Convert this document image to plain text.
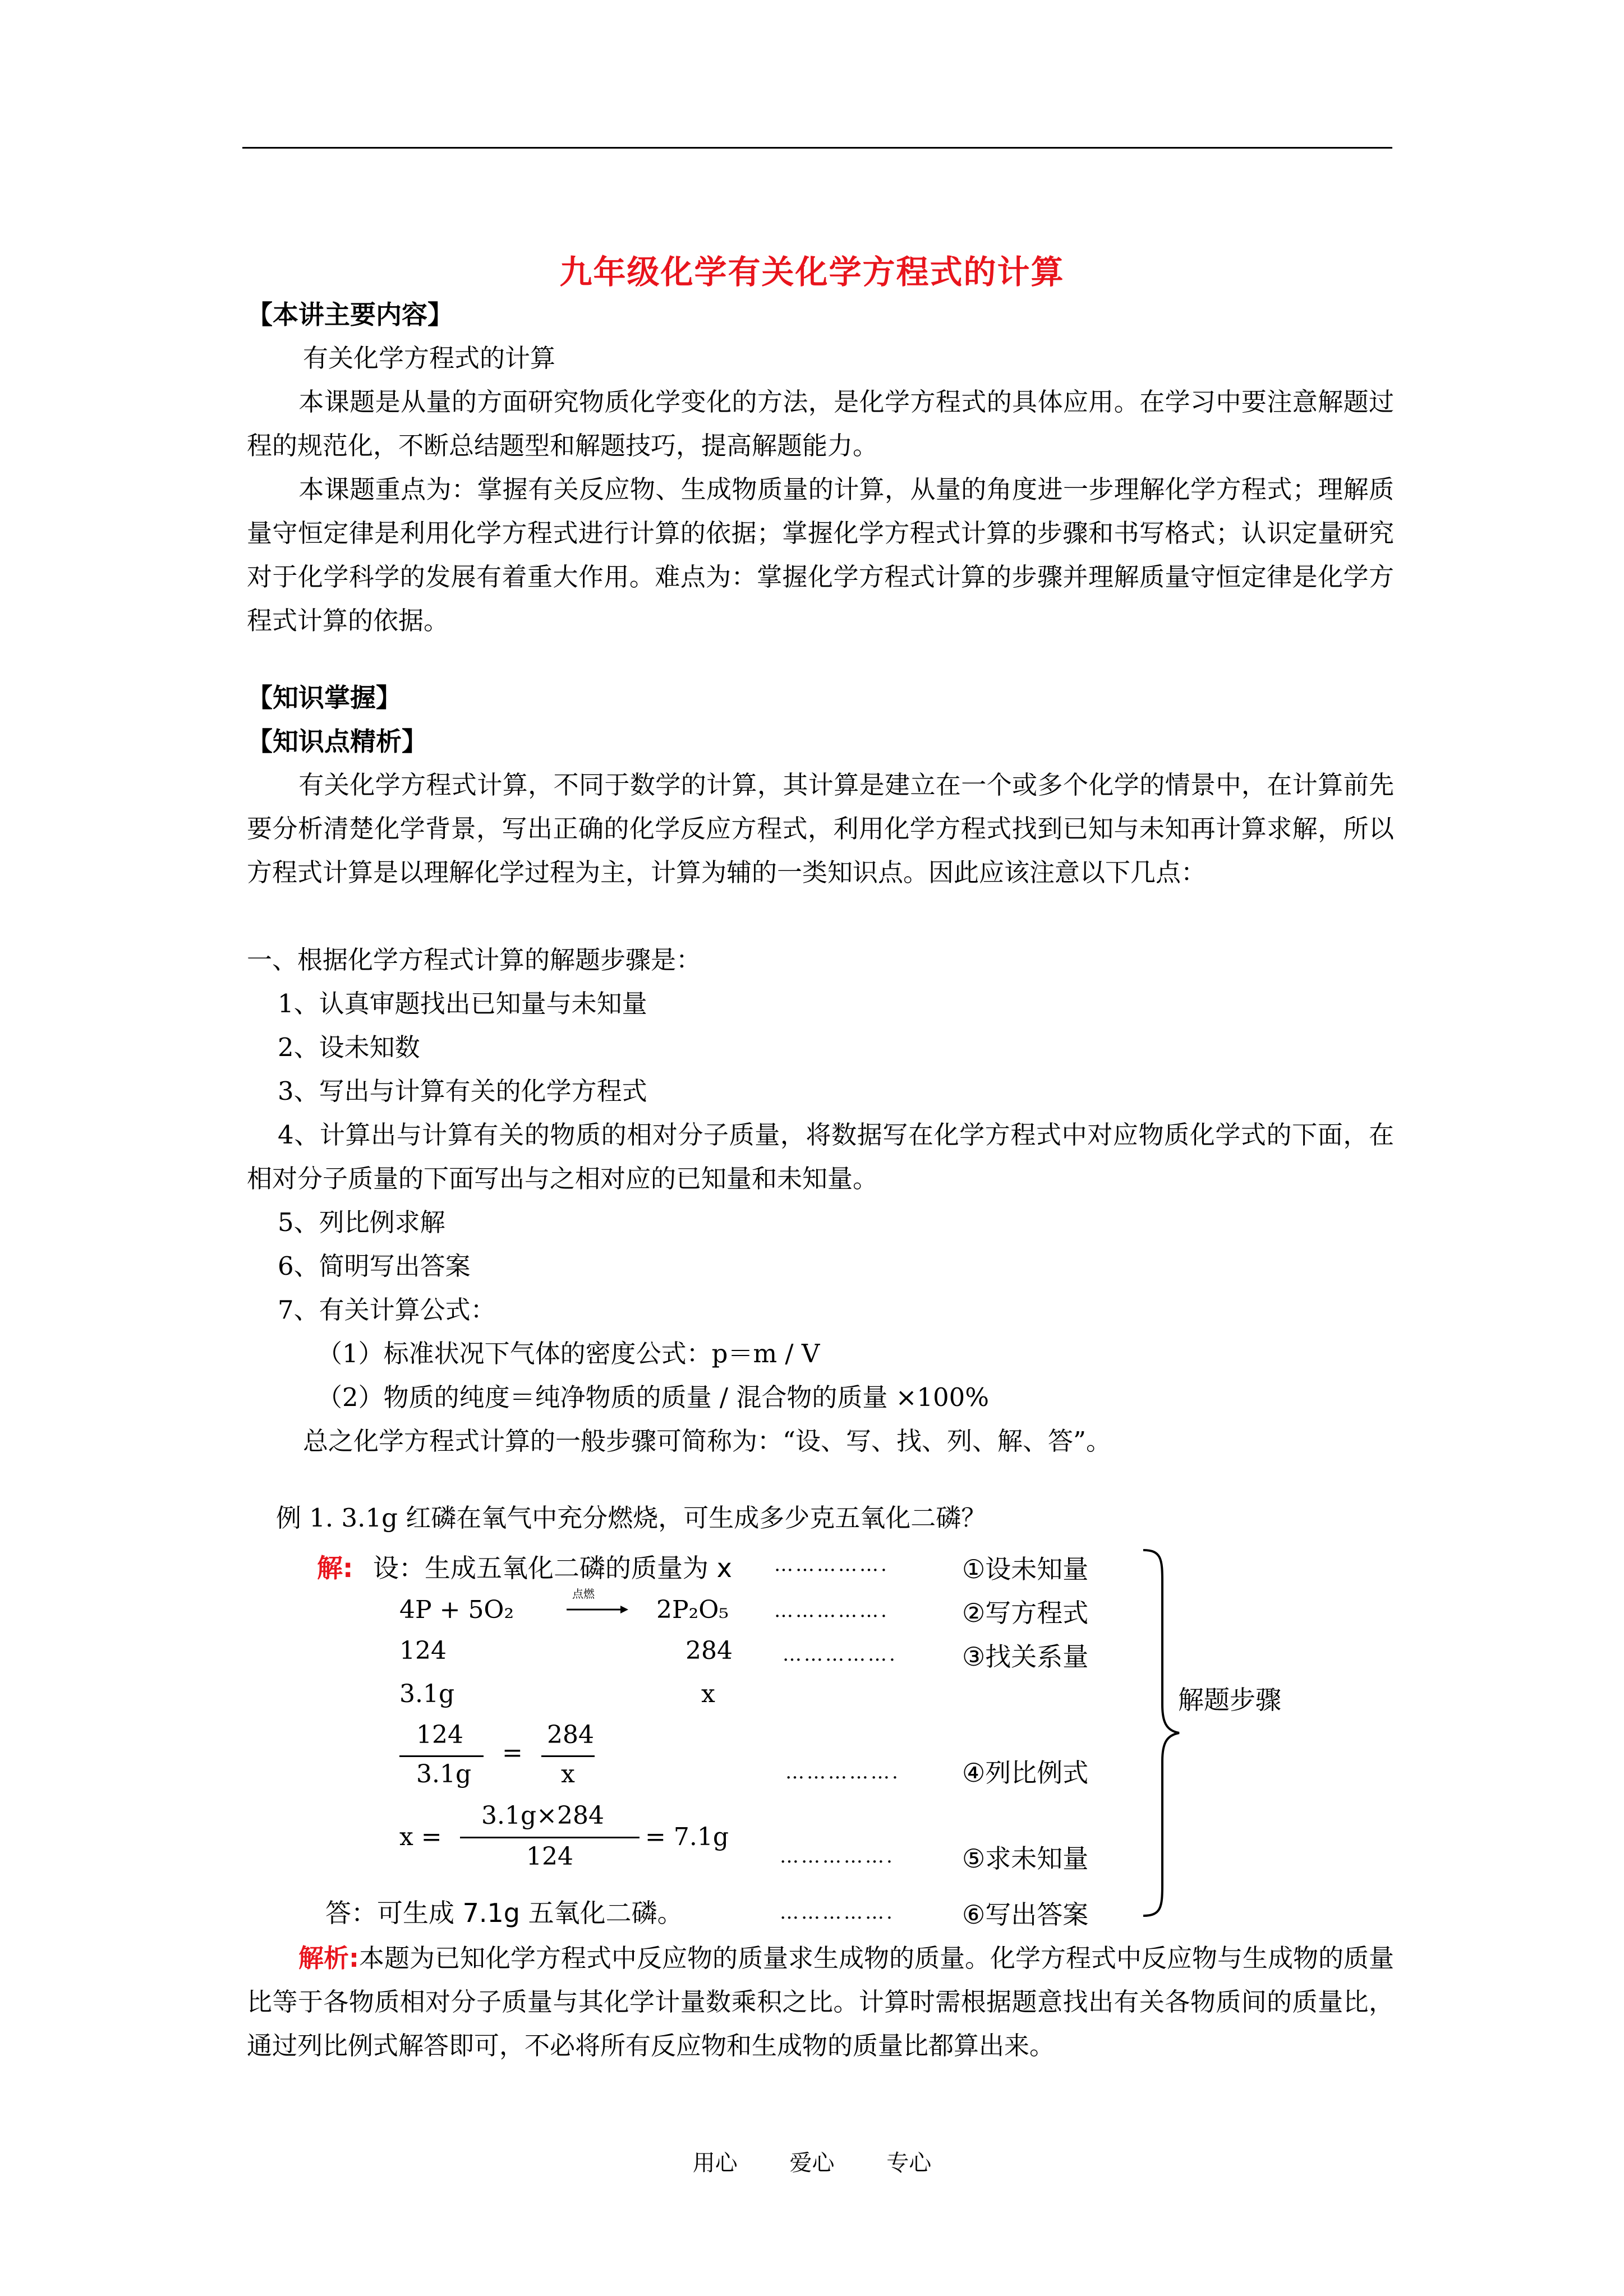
九年级化学有关化学方程式的计算
【本讲主要内容】
有关化学方程式的计算
本课题是从量的方面研究物质化学变化的方法，是化学方程式的具体应用。在学习中要注意解题过程的规范化，不断总结题型和解题技巧，提高解题能力。
本课题重点为：掌握有关反应物、生成物质量的计算，从量的角度进一步理解化学方程式；理解质量守恒定律是利用化学方程式进行计算的依据；掌握化学方程式计算的步骤和书写格式；认识定量研究对于化学科学的发展有着重大作用。难点为：掌握化学方程式计算的步骤并理解质量守恒定律是化学方程式计算的依据。
【知识掌握】
【知识点精析】
有关化学方程式计算，不同于数学的计算，其计算是建立在一个或多个化学的情景中，在计算前先要分析清楚化学背景，写出正确的化学反应方程式，利用化学方程式找到已知与未知再计算求解，所以方程式计算是以理解化学过程为主，计算为辅的一类知识点。因此应该注意以下几点：
一、根据化学方程式计算的解题步骤是：
1、认真审题找出已知量与未知量
2、设未知数
3、写出与计算有关的化学方程式
4、计算出与计算有关的物质的相对分子质量，将数据写在化学方程式中对应物质化学式的下面，在相对分子质量的下面写出与之相对应的已知量和未知量。
5、列比例求解
6、简明写出答案
7、有关计算公式：
（1）标准状况下气体的密度公式：p＝m / V
（2）物质的纯度＝纯净物质的质量 / 混合物的质量 ×100%
总之化学方程式计算的一般步骤可简称为：“设、写、找、列、解、答”。
例 1. 3.1g 红磷在氧气中充分燃烧，可生成多少克五氧化二磷？
解: 设：生成五氧化二磷的质量为 x
4P + 5O₂
点燃
2P₂O₅
124	284
3.1g	x
124
3.1g
=
284
x
x =
3.1g×284
124
= 7.1g
答：可生成 7.1g 五氧化二磷。
…………….
…………….
…………….
…………….
…………….
…………….
①设未知量
②写方程式
③找关系量
④列比例式
⑤求未知量
⑥写出答案
解题步骤
解析:本题为已知化学方程式中反应物的质量求生成物的质量。化学方程式中反应物与生成物的质量比等于各物质相对分子质量与其化学计量数乘积之比。计算时需根据题意找出有关各物质间的质量比，通过列比例式解答即可，不必将所有反应物和生成物的质量比都算出来。
用心 爱心 专心
